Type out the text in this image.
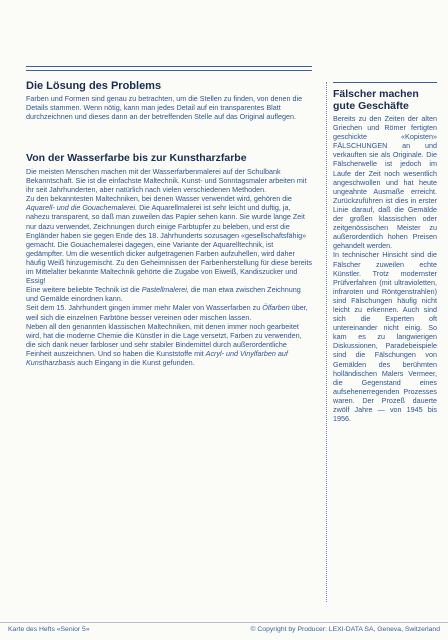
Die Lösung des Problems

Farben und Formen sind genau zu betrachten, um die Stellen zu finden, von denen die Details stammen. Wenn nötig, kann man jedes Detail auf ein transparentes Blatt durchzeichnen und dieses dann an der betreffenden Stelle auf das Original auflegen.

Von der Wasserfarbe bis zur Kunstharzfarbe

Die meisten Menschen machen mit der Wasserfarbenmalerei auf der Schulbank Bekanntschaft. Sie ist die einfachste Maltechnik. Kunst- und Sonntagsmaler arbeiten mit ihr seit Jahrhunderten, aber natürlich nach vielen verschiedenen Methoden.

Zu den bekanntesten Maltechniken, bei denen Wasser verwendet wird, gehören die Aquarell- und die Gouachemalerei. Die Aquarellmalerei ist sehr leicht und duftig, ja, nahezu transparent, so daß man zuweilen das Papier sehen kann. Sie wurde lange Zeit nur dazu verwendet, Zeichnungen durch einige Farbtupfer zu beleben, und erst die Engländer haben sie gegen Ende des 18. Jahrhunderts sozusagen «gesellschaftsfähig» gemacht. Die Gouachemalerei dagegen, eine Variante der Aquarelltechnik, ist gedämpfter. Um die wesentlich dicker aufgetragenen Farben aufzuhellen, wird daher häufig Weiß hinzugemischt. Zu den Geheimnissen der Farbenherstellung für diese bereits im Mittelalter bekannte Maltechnik gehörte die Zugabe von Eiweiß, Kandiszucker und Essig!

Eine weitere beliebte Technik ist die Pastellmalerei, die man etwa zwischen Zeichnung und Gemälde einordnen kann.

Seit dem 15. Jahrhundert gingen immer mehr Maler von Wasserfarben zu Ölfarben über, weil sich die einzelnen Farbtöne besser vereinen oder mischen lassen.

Neben all den genannten klassischen Maltechniken, mit denen immer noch gearbeitet wird, hat die moderne Chemie die Künstler in die Lage versetzt, Farben zu verwenden, die sich dank neuer farbloser und sehr stabiler Bindemittel durch außerordentliche Feinheit auszeichnen. Und so haben die Kunststoffe mit Acryl- und Vinylfarben auf Kunstharzbasis auch Eingang in die Kunst gefunden.

Fälscher machen gute Geschäfte

Bereits zu den Zeiten der alten Griechen und Römer fertigten geschickte «Kopisten» FÄLSCHUNGEN an und verkauften sie als Originale. Die Fälscherwelle ist jedoch im Laufe der Zeit noch wesentlich angeschwollen und hat heute ungeahnte Ausmaße erreicht. Zurückzuführen ist dies in erster Linie darauf, daß die Gemälde der großen klassischen oder zeitgenössischen Meister zu außerordentlich hohen Preisen gehandelt werden.

In technischer Hinsicht sind die Fälscher zuweilen echte Künstler. Trotz modernster Prüfverfahren (mit ultravioletten, infraroten und Röntgenstrahlen) sind Fälschungen häufig nicht leicht zu erkennen. Auch sind sich die Experten oft untereinander nicht einig. So kam es zu langwierigen Diskussionen, Paradebeispiele sind die Fälschungen von Gemälden des berühmten holländischen Malers Vermeer, die Gegenstand eines aufsehenerregenden Prozesses waren. Der Prozeß dauerte zwölf Jahre — von 1945 bis 1956.

Karte des Hefts «Senior 5»	© Copyright by Producer: LEXI-DATA SA, Geneva, Switzerland
